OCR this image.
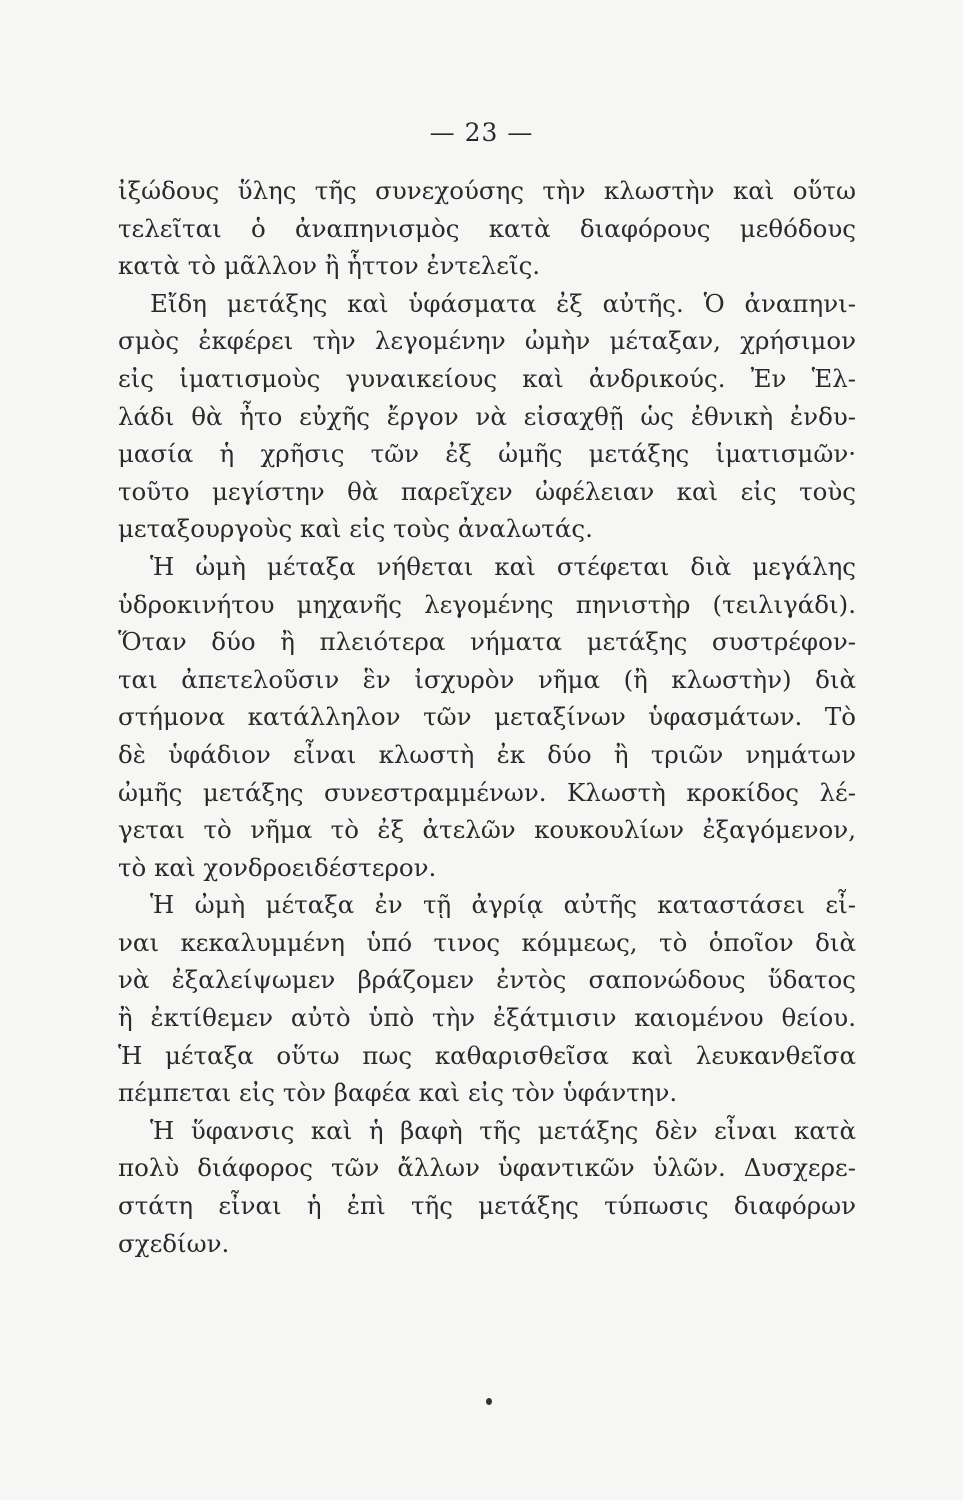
— 23 —
ἰξώδους ὕλης τῆς συνεχούσης τὴν κλωστὴν καὶ οὕτω
τελεῖται ὁ ἀναπηνισμὸς κατὰ διαφόρους μεθόδους
κατὰ τὸ μᾶλλον ἢ ἧττον ἐντελεῖς.
Εἴδη μετάξης καὶ ὑφάσματα ἐξ αὐτῆς. Ὁ ἀναπηνι-
σμὸς ἐκφέρει τὴν λεγομένην ὠμὴν μέταξαν, χρήσιμον
εἰς ἱματισμοὺς γυναικείους καὶ ἀνδρικούς. Ἐν Ἑλ-
λάδι θὰ ἦτο εὐχῆς ἔργον νὰ εἰσαχθῇ ὡς ἐθνικὴ ἐνδυ-
μασία ἡ χρῆσις τῶν ἐξ ὠμῆς μετάξης ἱματισμῶν·
τοῦτο μεγίστην θὰ παρεῖχεν ὠφέλειαν καὶ εἰς τοὺς
μεταξουργοὺς καὶ εἰς τοὺς ἀναλωτάς.
Ἡ ὠμὴ μέταξα νήθεται καὶ στέφεται διὰ μεγάλης
ὑδροκινήτου μηχανῆς λεγομένης πηνιστὴρ (τειλιγάδι).
Ὅταν δύο ἢ πλειότερα νήματα μετάξης συστρέφον-
ται ἀπετελοῦσιν ἓν ἰσχυρὸν νῆμα (ἢ κλωστὴν) διὰ
στήμονα κατάλληλον τῶν μεταξίνων ὑφασμάτων. Τὸ
δὲ ὑφάδιον εἶναι κλωστὴ ἐκ δύο ἢ τριῶν νημάτων
ὠμῆς μετάξης συνεστραμμένων. Κλωστὴ κροκίδος λέ-
γεται τὸ νῆμα τὸ ἐξ ἀτελῶν κουκουλίων ἐξαγόμενον,
τὸ καὶ χονδροειδέστερον.
Ἡ ὠμὴ μέταξα ἐν τῇ ἀγρίᾳ αὐτῆς καταστάσει εἶ-
ναι κεκαλυμμένη ὑπό τινος κόμμεως, τὸ ὁποῖον διὰ
νὰ ἐξαλείψωμεν βράζομεν ἐντὸς σαπονώδους ὕδατος
ἢ ἐκτίθεμεν αὐτὸ ὑπὸ τὴν ἐξάτμισιν καιομένου θείου.
Ἡ μέταξα οὕτω πως καθαρισθεῖσα καὶ λευκανθεῖσα
πέμπεται εἰς τὸν βαφέα καὶ εἰς τὸν ὑφάντην.
Ἡ ὕφανσις καὶ ἡ βαφὴ τῆς μετάξης δὲν εἶναι κατὰ
πολὺ διάφορος τῶν ἄλλων ὑφαντικῶν ὑλῶν. Δυσχερε-
στάτη εἶναι ἡ ἐπὶ τῆς μετάξης τύπωσις διαφόρων
σχεδίων.
